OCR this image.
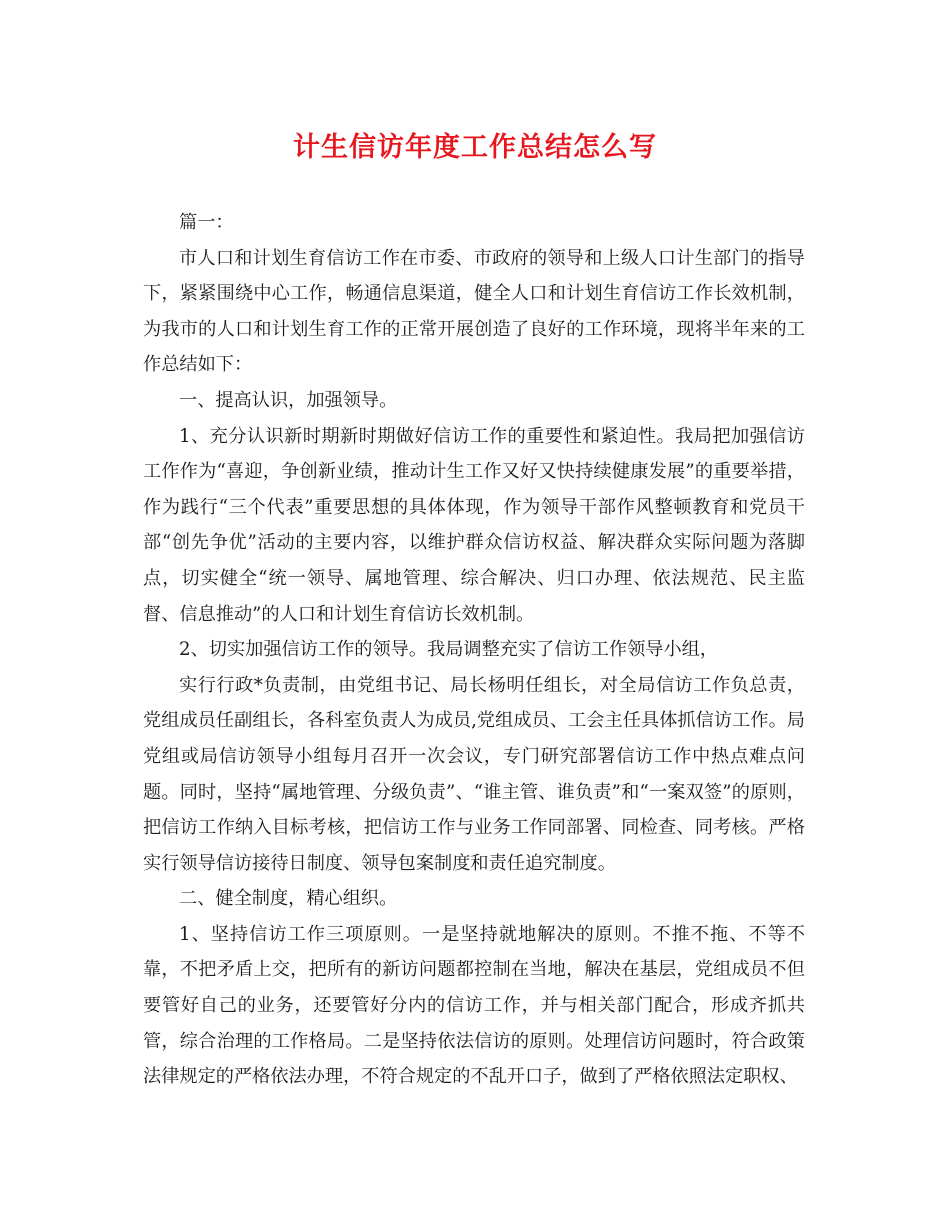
计生信访年度工作总结怎么写

篇一：

市人口和计划生育信访工作在市委、市政府的领导和上级人口计生部门的指导下，紧紧围绕中心工作，畅通信息渠道，健全人口和计划生育信访工作长效机制，为我市的人口和计划生育工作的正常开展创造了良好的工作环境，现将半年来的工作总结如下：

一、提高认识，加强领导。

1、充分认识新时期新时期做好信访工作的重要性和紧迫性。我局把加强信访工作作为“喜迎，争创新业绩，推动计生工作又好又快持续健康发展”的重要举措，作为践行“三个代表”重要思想的具体体现，作为领导干部作风整顿教育和党员干部“创先争优”活动的主要内容，以维护群众信访权益、解决群众实际问题为落脚点，切实健全“统一领导、属地管理、综合解决、归口办理、依法规范、民主监督、信息推动”的人口和计划生育信访长效机制。

2、切实加强信访工作的领导。我局调整充实了信访工作领导小组，

实行行政*负责制，由党组书记、局长杨明任组长，对全局信访工作负总责，党组成员任副组长，各科室负责人为成员,党组成员、工会主任具体抓信访工作。局党组或局信访领导小组每月召开一次会议，专门研究部署信访工作中热点难点问题。同时，坚持“属地管理、分级负责”、“谁主管、谁负责”和“一案双签”的原则，把信访工作纳入目标考核，把信访工作与业务工作同部署、同检查、同考核。严格实行领导信访接待日制度、领导包案制度和责任追究制度。

二、健全制度，精心组织。

1、坚持信访工作三项原则。一是坚持就地解决的原则。不推不拖、不等不靠，不把矛盾上交，把所有的新访问题都控制在当地，解决在基层，党组成员不但要管好自己的业务，还要管好分内的信访工作，并与相关部门配合，形成齐抓共管，综合治理的工作格局。二是坚持依法信访的原则。处理信访问题时，符合政策法律规定的严格依法办理，不符合规定的不乱开口子，做到了严格依照法定职权、
